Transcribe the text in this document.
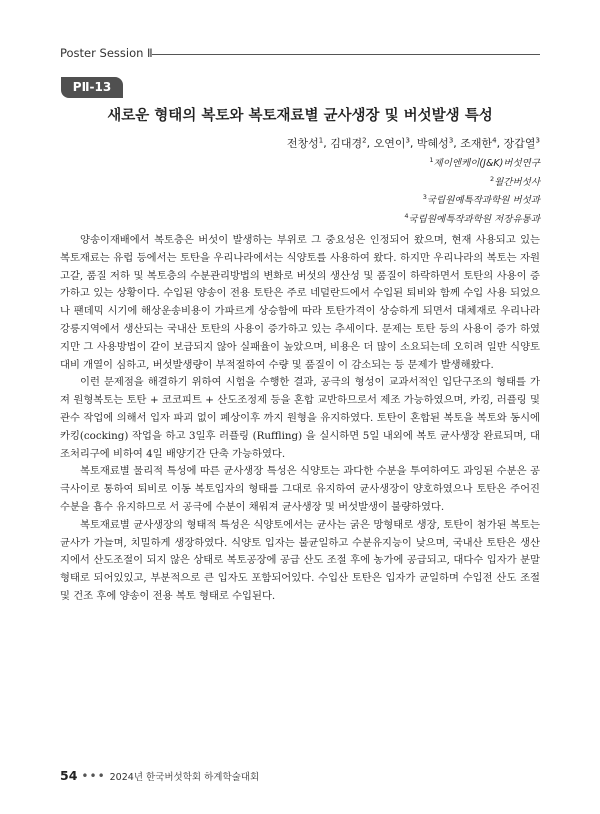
Poster Session Ⅱ
PⅡ-13
새로운 형태의 복토와 복토재료별 균사생장 및 버섯발생 특성
전창성$^1$, 김대경$^2$, 오연이$^3$, 박혜성$^3$, 조재한$^4$, 장갑열$^3$
$^1$제이엔케이(J&K)버섯연구
$^2$월간버섯사
$^3$국립원예특작과학원 버섯과
$^4$국립원예특작과학원 저장유통과

양송이재배에서 복토층은 버섯이 발생하는 부위로 그 중요성은 인정되어 왔으며, 현재 사용되고 있는 복토재료는 유럽 등에서는 토탄을 우리나라에서는 식양토를 사용하여 왔다. 하지만 우리나라의 복토는 자원 고갈, 품질 저하 및 복토층의 수분관리방법의 변화로 버섯의 생산성 및 품질이 하락하면서 토탄의 사용이 증가하고 있는 상황이다. 수입된 양송이 전용 토탄은 주로 네덜란드에서 수입된 퇴비와 함께 수입 사용 되었으나 팬데믹 시기에 해상운송비용이 가파르게 상승함에 따라 토탄가격이 상승하게 되면서 대체재로 우리나라 강릉지역에서 생산되는 국내산 토탄의 사용이 증가하고 있는 추세이다. 문제는 토탄 등의 사용이 증가 하였지만 그 사용방법이 같이 보급되지 않아 실패율이 높았으며, 비용은 더 많이 소요되는데 오히려 일반 식양토 대비 개열이 심하고, 버섯발생량이 부적절하여 수량 및 품질이 이 감소되는 등 문제가 발생해왔다.

이런 문제점을 해결하기 위하여 시험을 수행한 결과, 공극의 형성이 교과서적인 입단구조의 형태를 가져 원형복토는 토탄 + 코코피트 + 산도조정제 등을 혼합 교반하므로서 제조 가능하였으며, 카킹, 러플링 및 관수 작업에 의해서 입자 파괴 없이 폐상이후 까지 원형을 유지하였다. 토탄이 혼합된 복토을 복토와 동시에 카킹(cocking) 작업을 하고 3일후 러플링 (Ruffling) 을 실시하면 5일 내외에 복토 균사생장 완료되며, 대조처리구에 비하여 4일 배양기간 단축 가능하였다.

복토재료별 물리적 특성에 따른 균사생장 특성은 식양토는 과다한 수분을 투여하여도 과잉된 수분은 공극사이로 통하여 퇴비로 이동 복토입자의 형태를 그대로 유지하여 균사생장이 양호하였으나 토탄은 주어진 수분을 흡수 유지하므로 서 공극에 수분이 채워져 균사생장 및 버섯발생이 불량하였다.

복토재료별 균사생장의 형태적 특성은 식양토에서는 균사는 굵은 망형태로 생장, 토탄이 첨가된 복토는 균사가 가늘며, 치밀하게 생장하였다. 식양토 입자는 불균일하고 수분유지능이 낮으며, 국내산 토탄은 생산지에서 산도조절이 되지 않은 상태로 복토공장에 공급 산도 조절 후에 농가에 공급되고, 대다수 입자가 분말 형태로 되어있있고, 부분적으로 큰 입자도 포함되어있다. 수입산 토탄은 입자가 균일하며 수입전 산도 조절 및 건조 후에 양송이 전용 복토 형태로 수입된다.

54 ••• 2024년 한국버섯학회 하계학술대회
